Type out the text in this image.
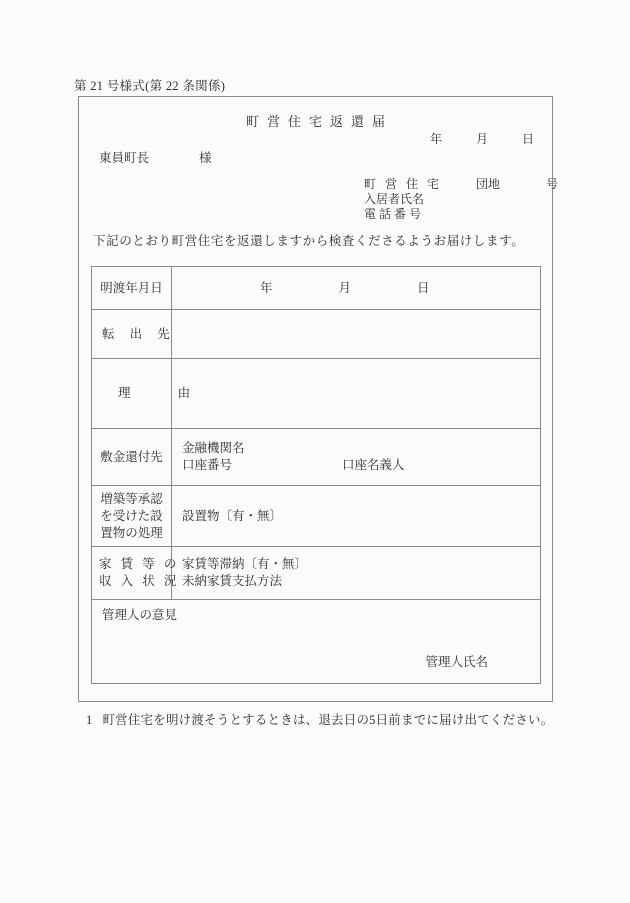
第 21 号様式(第 22 条関係)
町営住宅返還届
年	月	日
東員町長	様
町 営 住 宅	団地	号
入居者氏名
電 話 番 号
下記のとおり町営住宅を返還しますから検査くださるようお届けします。
明渡年月日	年 月 日

転 出 先	

理 由	

敷金還付先	金融機関名
口座番号 口座名義人

増築等承認
を受けた設
置物の処理	設置物〔有・無〕

家 賃 等 の
収 入 状 況	家賃等滞納〔有・無〕
未納家賃支払方法

管理人の意見
管理人氏名	
1 町営住宅を明け渡そうとするときは、退去日の5日前までに届け出てください。
